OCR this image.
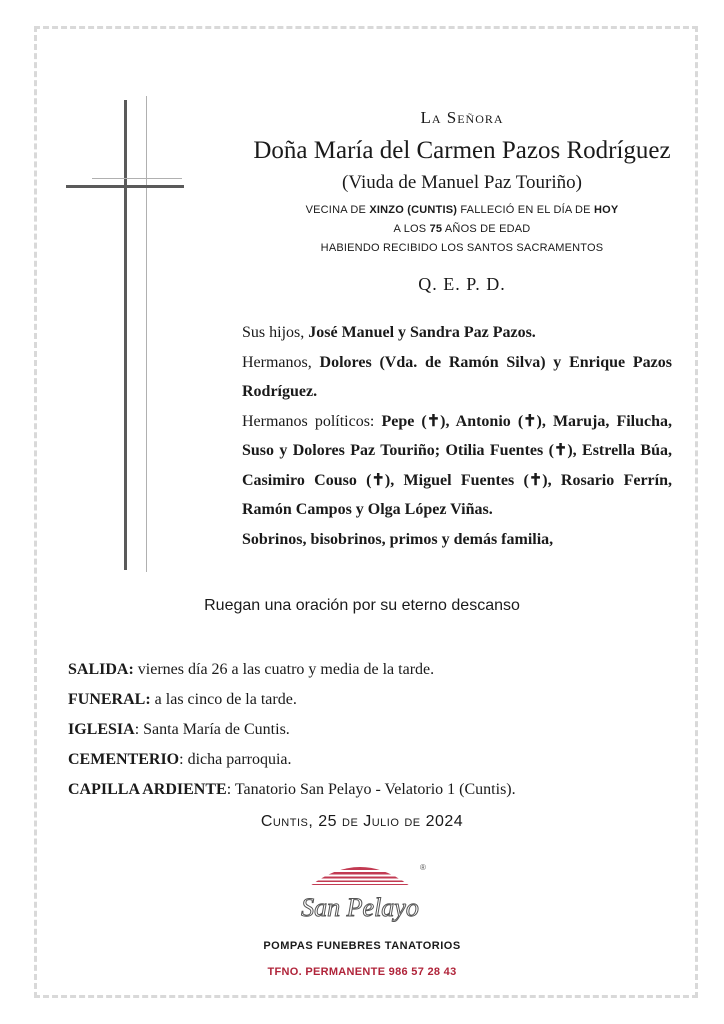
La Señora
Doña María del Carmen Pazos Rodríguez
(Viuda de Manuel Paz Touriño)
VECINA DE XINZO (CUNTIS) FALLECIÓ EN EL DÍA DE HOY
A LOS 75 AÑOS DE EDAD
HABIENDO RECIBIDO LOS SANTOS SACRAMENTOS
Q. E. P. D.

Sus hijos, José Manuel y Sandra Paz Pazos.

Hermanos, Dolores (Vda. de Ramón Silva) y Enrique Pazos Rodríguez.

Hermanos políticos: Pepe (✝), Antonio (✝), Maruja, Filucha, Suso y Dolores Paz Touriño; Otilia Fuentes (✝), Estrella Búa, Casimiro Couso (✝), Miguel Fuentes (✝), Rosario Ferrín, Ramón Campos y Olga López Viñas.

Sobrinos, bisobrinos, primos y demás familia,

Ruegan una oración por su eterno descanso
SALIDA: viernes día 26 a las cuatro y media de la tarde.
FUNERAL: a las cinco de la tarde.
IGLESIA: Santa María de Cuntis.
CEMENTERIO: dicha parroquia.
CAPILLA ARDIENTE: Tanatorio San Pelayo - Velatorio 1 (Cuntis).
Cuntis, 25 de Julio de 2024
®
San Pelayo
POMPAS FUNEBRES TANATORIOS
TFNO. PERMANENTE 986 57 28 43
